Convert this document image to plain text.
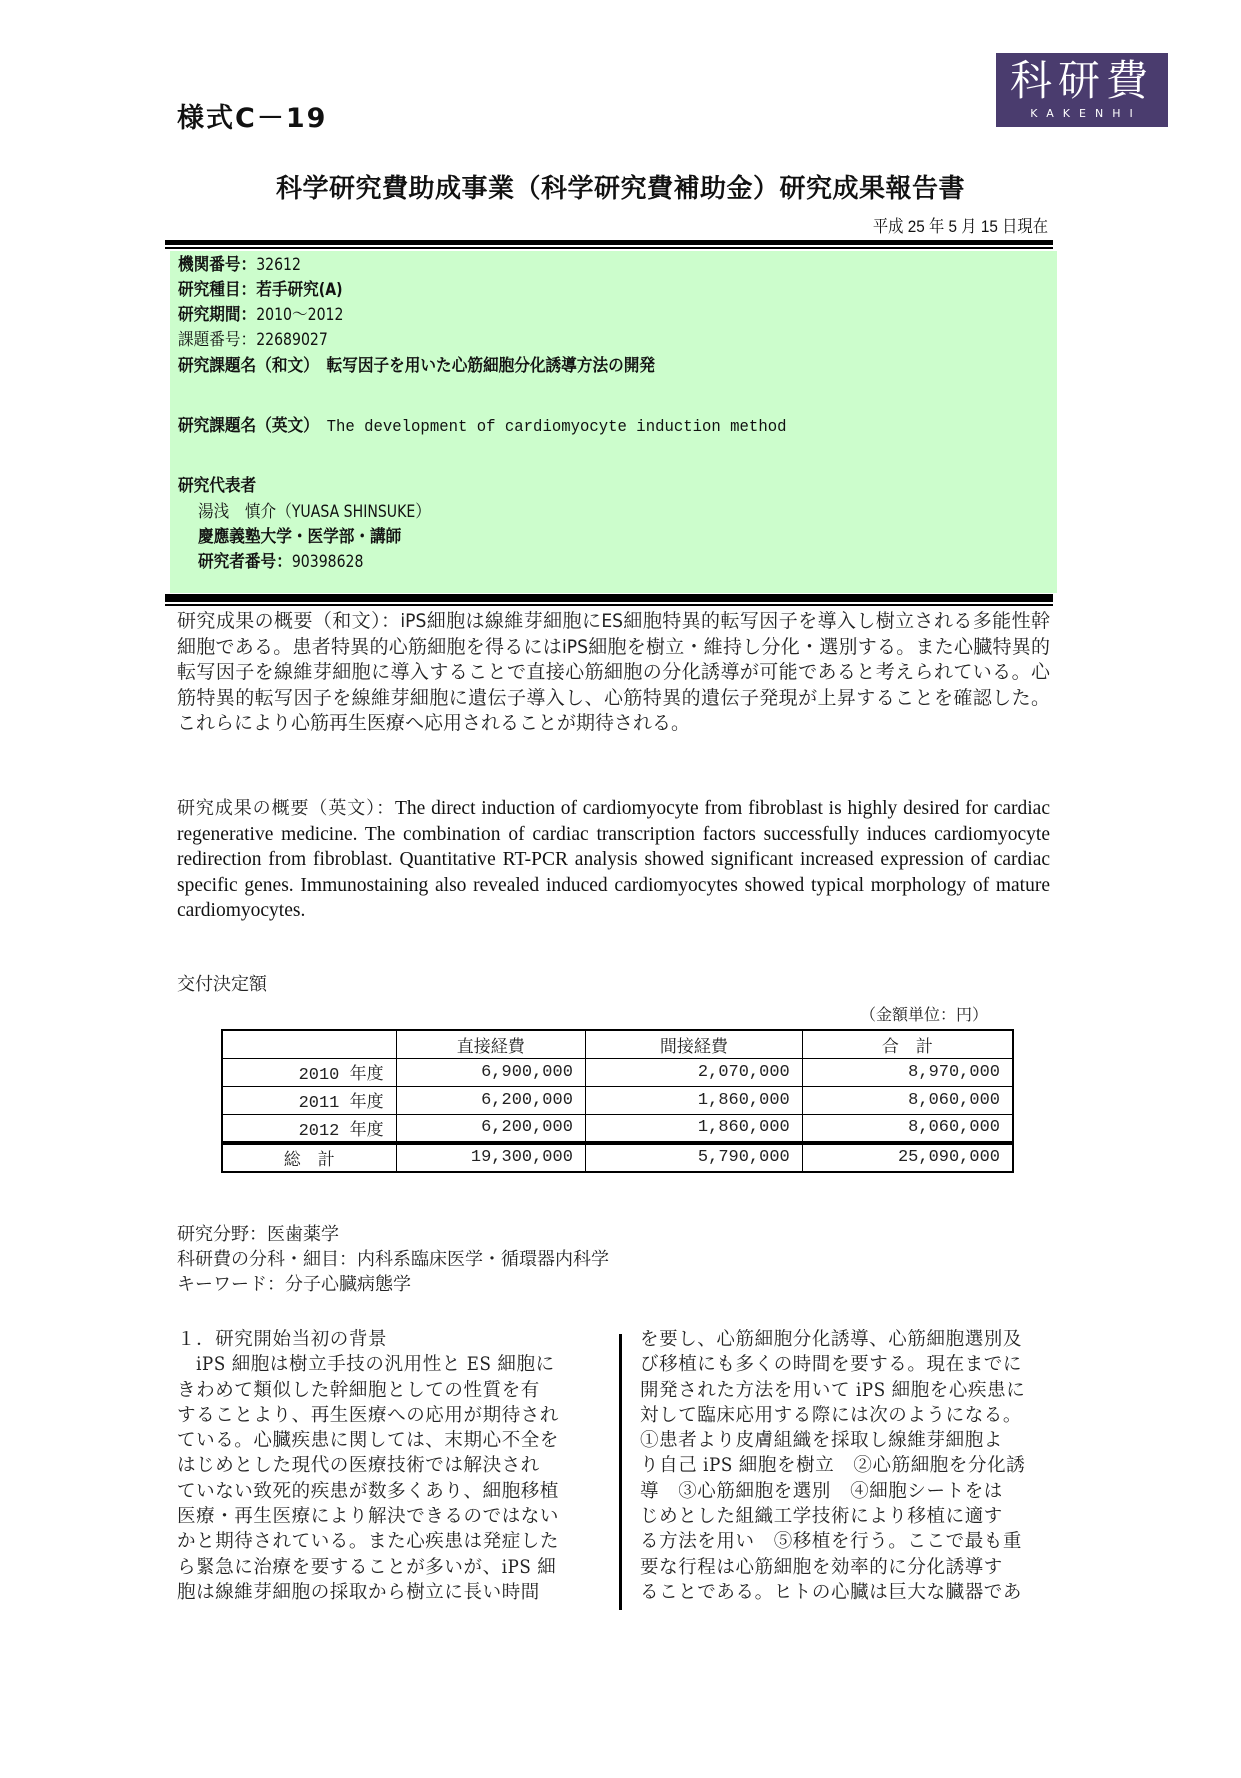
様式C－19
科研費
KAKENHI
科学研究費助成事業（科学研究費補助金）研究成果報告書
平成 25 年 5 月 15 日現在
機関番号：32612
研究種目：若手研究(A)
研究期間：2010～2012
課題番号：22689027
研究課題名（和文）　 転写因子を用いた心筋細胞分化誘導方法の開発
研究課題名（英文）　 The development of cardiomyocyte induction method
研究代表者
湯浅　慎介（YUASA SHINSUKE）
慶應義塾大学・医学部・講師
研究者番号：90398628
研究成果の概要（和文）：iPS細胞は線維芽細胞にES細胞特異的転写因子を導入し樹立される多能性幹細胞である。患者特異的心筋細胞を得るにはiPS細胞を樹立・維持し分化・選別する。また心臓特異的転写因子を線維芽細胞に導入することで直接心筋細胞の分化誘導が可能であると考えられている。心筋特異的転写因子を線維芽細胞に遺伝子導入し、心筋特異的遺伝子発現が上昇することを確認した。これらにより心筋再生医療へ応用されることが期待される。
研究成果の概要（英文）：The direct induction of cardiomyocyte from fibroblast is highly desired for cardiac regenerative medicine. The combination of cardiac transcription factors successfully induces cardiomyocyte redirection from fibroblast. Quantitative RT-PCR analysis showed significant increased expression of cardiac specific genes. Immunostaining also revealed induced cardiomyocytes showed typical morphology of mature cardiomyocytes.
交付決定額
（金額単位：円）
	直接経費	間接経費	合　計
2010 年度	6,900,000	2,070,000	8,970,000
2011 年度	6,200,000	1,860,000	8,060,000
2012 年度	6,200,000	1,860,000	8,060,000
総　計	19,300,000	5,790,000	25,090,000
研究分野：医歯薬学
科研費の分科・細目：内科系臨床医学・循環器内科学
キーワード：分子心臓病態学
１．研究開始当初の背景
　iPS 細胞は樹立手技の汎用性と ES 細胞に
きわめて類似した幹細胞としての性質を有
することより、再生医療への応用が期待され
ている。心臓疾患に関しては、末期心不全を
はじめとした現代の医療技術では解決され
ていない致死的疾患が数多くあり、細胞移植
医療・再生医療により解決できるのではない
かと期待されている。また心疾患は発症した
ら緊急に治療を要することが多いが、iPS 細
胞は線維芽細胞の採取から樹立に長い時間
を要し、心筋細胞分化誘導、心筋細胞選別及
び移植にも多くの時間を要する。現在までに
開発された方法を用いて iPS 細胞を心疾患に
対して臨床応用する際には次のようになる。
①患者より皮膚組織を採取し線維芽細胞よ
り自己 iPS 細胞を樹立　②心筋細胞を分化誘
導　③心筋細胞を選別　④細胞シートをは
じめとした組織工学技術により移植に適す
る方法を用い　⑤移植を行う。ここで最も重
要な行程は心筋細胞を効率的に分化誘導す
ることである。ヒトの心臓は巨大な臓器であ
